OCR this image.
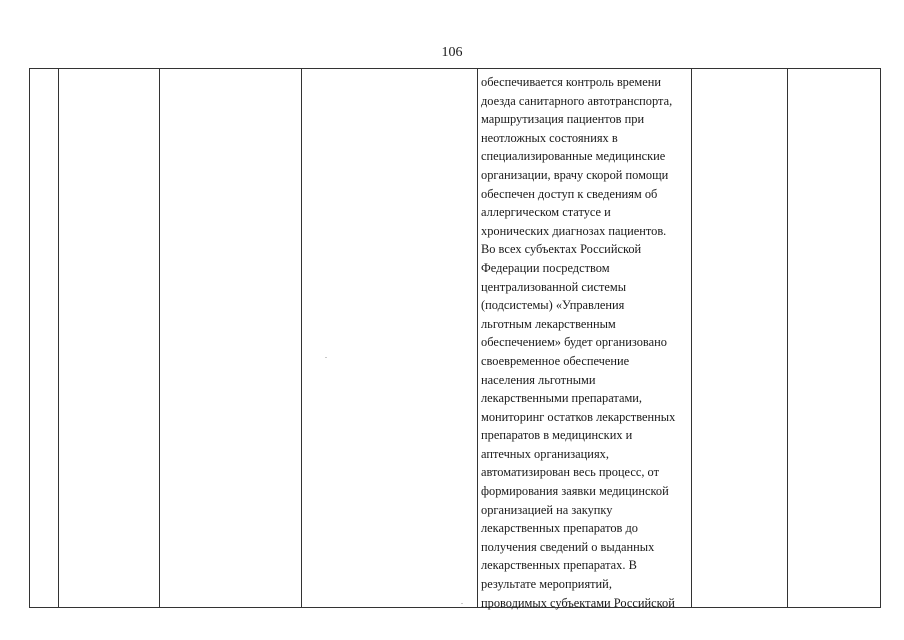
106
обеспечивается контроль времени
доезда санитарного автотранспорта,
маршрутизация пациентов при
неотложных состояниях в
специализированные медицинские
организации, врачу скорой помощи
обеспечен доступ к сведениям об
аллергическом статусе и
хронических диагнозах пациентов.
Во всех субъектах Российской
Федерации посредством
централизованной системы
(подсистемы) «Управления
льготным лекарственным
обеспечением» будет организовано
своевременное обеспечение
населения льготными
лекарственными препаратами,
мониторинг остатков лекарственных
препаратов в медицинских и
аптечных организациях,
автоматизирован весь процесс, от
формирования заявки медицинской
организацией на закупку
лекарственных препаратов до
получения сведений о выданных
лекарственных препаратах. В
результате мероприятий,
проводимых субъектами Российской
